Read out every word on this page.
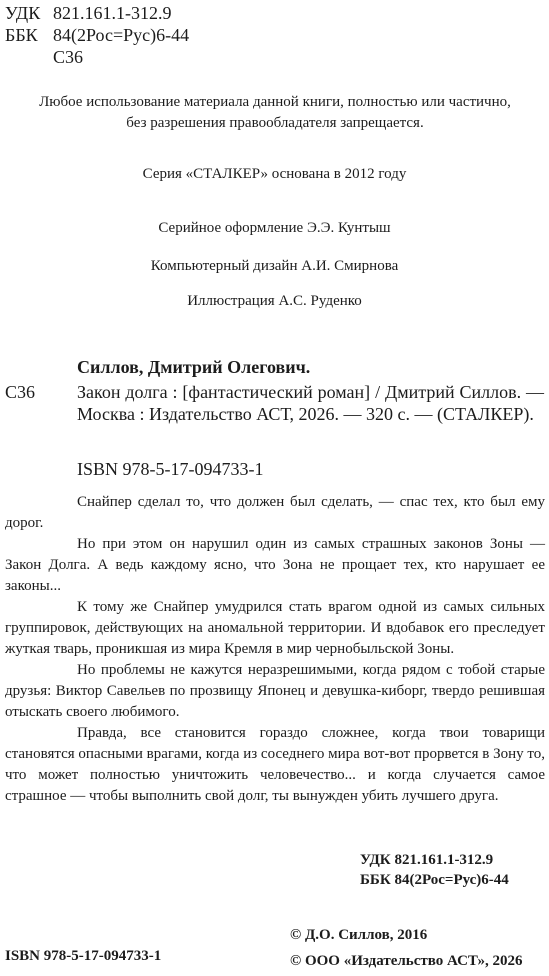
УДК 821.161.1-312.9
ББК 84(2Рос=Рус)6-44
С36
Любое использование материала данной книги, полностью или частично, без разрешения правообладателя запрещается.
Серия «СТАЛКЕР» основана в 2012 году
Серийное оформление Э.Э. Кунтыш
Компьютерный дизайн А.И. Смирнова
Иллюстрация А.С. Руденко
Силлов, Дмитрий Олегович.
С36 Закон долга : [фантастический роман] / Дмитрий Силлов. — Москва : Издательство АСТ, 2026. — 320 с. — (СТАЛКЕР).
ISBN 978-5-17-094733-1

Снайпер сделал то, что должен был сделать, — спас тех, кто был ему дорог.

Но при этом он нарушил один из самых страшных законов Зоны — Закон Долга. А ведь каждому ясно, что Зона не прощает тех, кто нарушает ее законы...

К тому же Снайпер умудрился стать врагом одной из самых сильных группировок, действующих на аномальной территории. И вдобавок его преследует жуткая тварь, проникшая из мира Кремля в мир чернобыльской Зоны.

Но проблемы не кажутся неразрешимыми, когда рядом с тобой старые друзья: Виктор Савельев по прозвищу Японец и девушка-киборг, твердо решившая отыскать своего любимого.

Правда, все становится гораздо сложнее, когда твои товарищи становятся опасными врагами, когда из соседнего мира вот-вот прорвется в Зону то, что может полностью уничтожить человечество... и когда случается самое страшное — чтобы выполнить свой долг, ты вынужден убить лучшего друга.

УДК 821.161.1-312.9
ББК 84(2Рос=Рус)6-44
ISBN 978-5-17-094733-1
© Д.О. Силлов, 2016
© ООО «Издательство АСТ», 2026
